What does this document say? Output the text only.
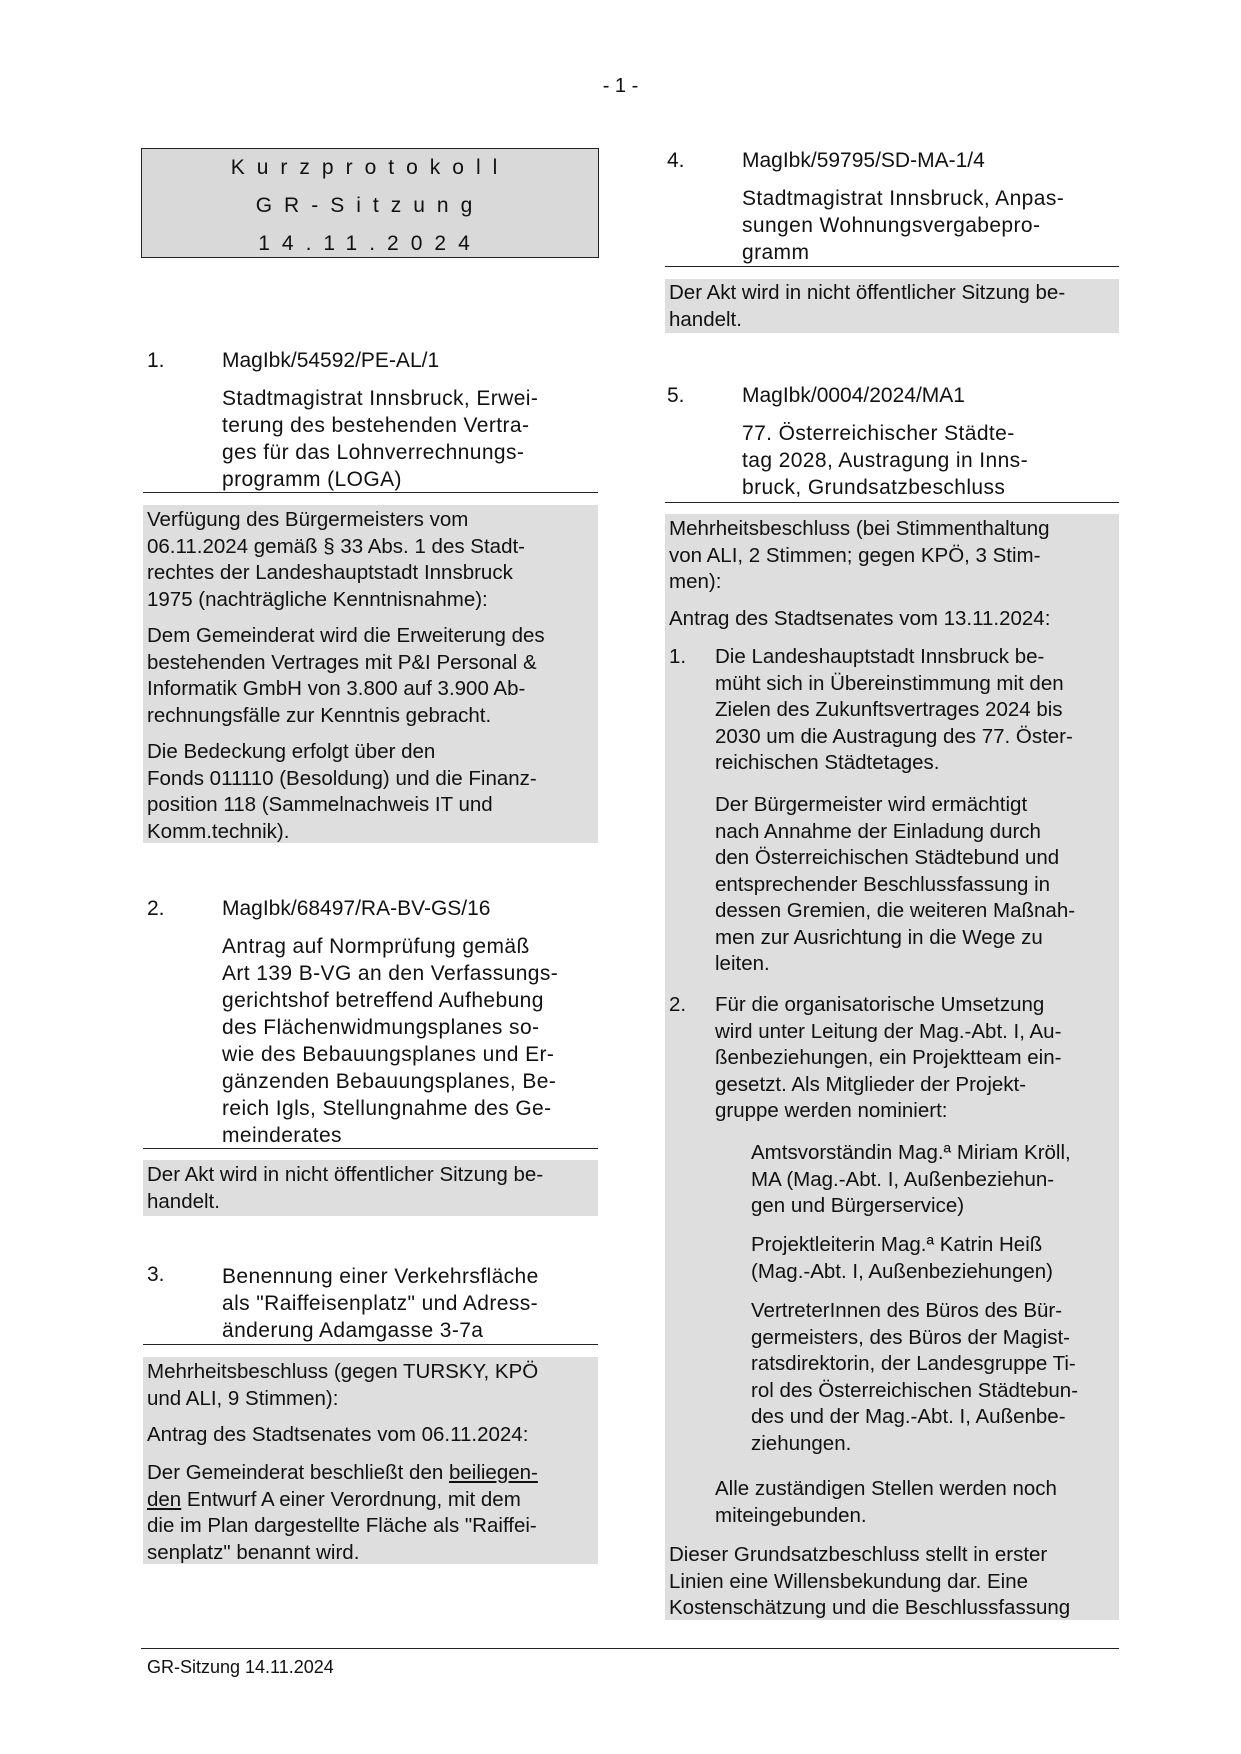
- 1 -
Kurzprotokoll
GR-Sitzung
14.11.2024
1.	MagIbk/54592/PE-AL/1
Stadtmagistrat Innsbruck, Erwei-
terung des bestehenden Vertra-
ges für das Lohnverrechnungs-
programm (LOGA)
Verfügung des Bürgermeisters vom
06.11.2024 gemäß § 33 Abs. 1 des Stadt-
rechtes der Landeshauptstadt Innsbruck
1975 (nachträgliche Kenntnisnahme):
Dem Gemeinderat wird die Erweiterung des
bestehenden Vertrages mit P&I Personal &
Informatik GmbH von 3.800 auf 3.900 Ab-
rechnungsfälle zur Kenntnis gebracht.
Die Bedeckung erfolgt über den
Fonds 011110 (Besoldung) und die Finanz-
position 118 (Sammelnachweis IT und
Komm.technik).
2.	MagIbk/68497/RA-BV-GS/16
Antrag auf Normprüfung gemäß
Art 139 B-VG an den Verfassungs-
gerichtshof betreffend Aufhebung
des Flächenwidmungsplanes so-
wie des Bebauungsplanes und Er-
gänzenden Bebauungsplanes, Be-
reich Igls, Stellungnahme des Ge-
meinderates
Der Akt wird in nicht öffentlicher Sitzung be-
handelt.
3.	Benennung einer Verkehrsfläche
als "Raiffeisenplatz" und Adress-
änderung Adamgasse 3-7a
Mehrheitsbeschluss (gegen TURSKY, KPÖ
und ALI, 9 Stimmen):
Antrag des Stadtsenates vom 06.11.2024:
Der Gemeinderat beschließt den beiliegen-
den Entwurf A einer Verordnung, mit dem
die im Plan dargestellte Fläche als "Raiffei-
senplatz" benannt wird.
4.	MagIbk/59795/SD-MA-1/4
Stadtmagistrat Innsbruck, Anpas-
sungen Wohnungsvergabepro-
gramm
Der Akt wird in nicht öffentlicher Sitzung be-
handelt.
5.	MagIbk/0004/2024/MA1
77. Österreichischer Städte-
tag 2028, Austragung in Inns-
bruck, Grundsatzbeschluss
Mehrheitsbeschluss (bei Stimmenthaltung
von ALI, 2 Stimmen; gegen KPÖ, 3 Stim-
men):
Antrag des Stadtsenates vom 13.11.2024:
1. Die Landeshauptstadt Innsbruck be-
müht sich in Übereinstimmung mit den
Zielen des Zukunftsvertrages 2024 bis
2030 um die Austragung des 77. Öster-
reichischen Städtetages.
Der Bürgermeister wird ermächtigt
nach Annahme der Einladung durch
den Österreichischen Städtebund und
entsprechender Beschlussfassung in
dessen Gremien, die weiteren Maßnah-
men zur Ausrichtung in die Wege zu
leiten.
2. Für die organisatorische Umsetzung
wird unter Leitung der Mag.-Abt. I, Au-
ßenbeziehungen, ein Projektteam ein-
gesetzt. Als Mitglieder der Projekt-
gruppe werden nominiert:
Amtsvorständin Mag.ª Miriam Kröll,
MA (Mag.-Abt. I, Außenbeziehun-
gen und Bürgerservice)
Projektleiterin Mag.ª Katrin Heiß
(Mag.-Abt. I, Außenbeziehungen)
VertreterInnen des Büros des Bür-
germeisters, des Büros der Magist-
ratsdirektorin, der Landesgruppe Ti-
rol des Österreichischen Städtebun-
des und der Mag.-Abt. I, Außenbe-
ziehungen.
Alle zuständigen Stellen werden noch
miteingebunden.
Dieser Grundsatzbeschluss stellt in erster
Linien eine Willensbekundung dar. Eine
Kostenschätzung und die Beschlussfassung
GR-Sitzung 14.11.2024
